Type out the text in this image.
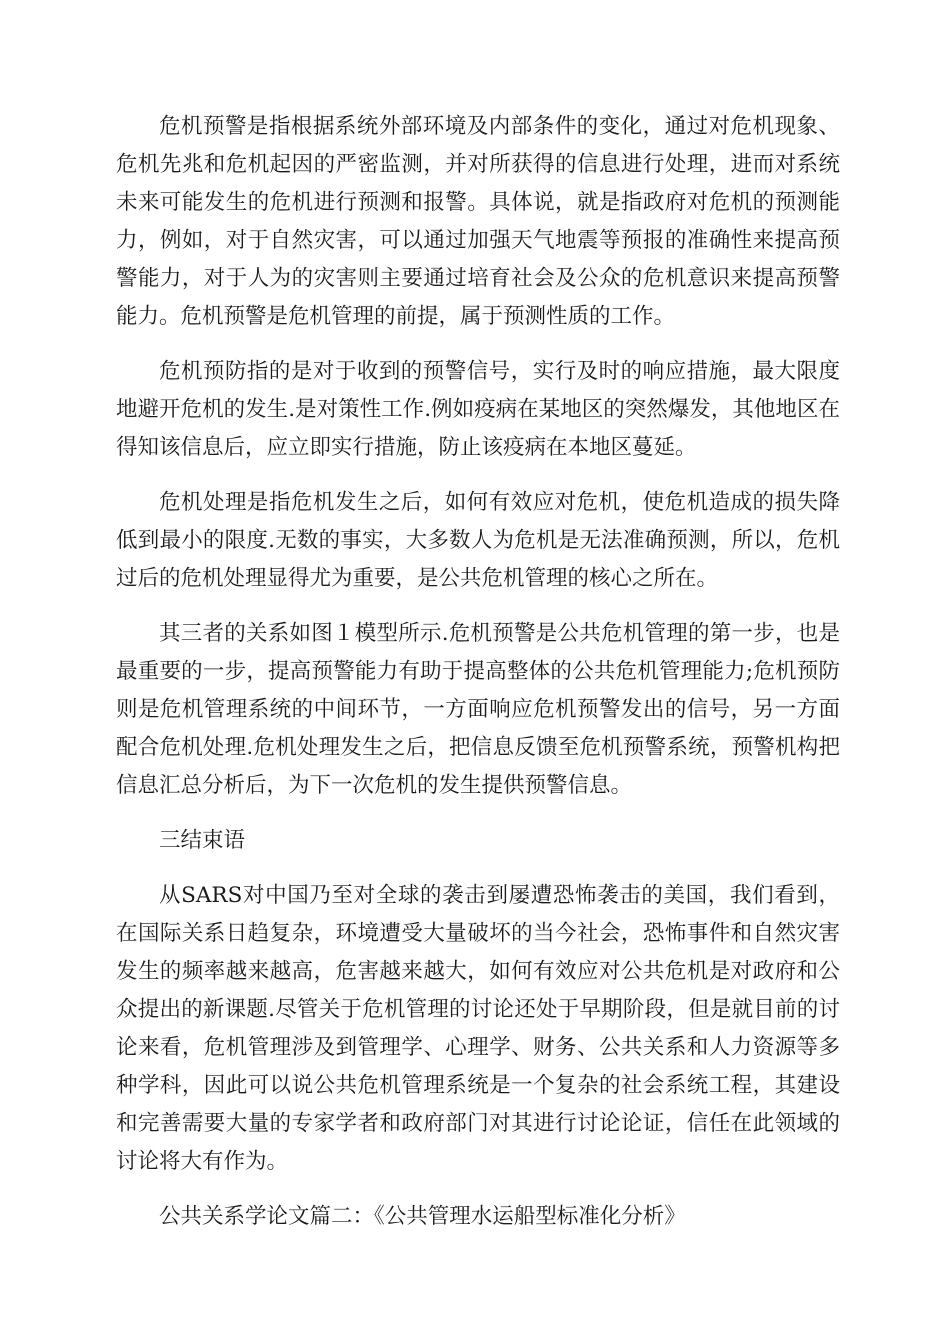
危机预警是指根据系统外部环境及内部条件的变化，通过对危机现象、危机先兆和危机起因的严密监测，并对所获得的信息进行处理，进而对系统未来可能发生的危机进行预测和报警。具体说，就是指政府对危机的预测能力，例如，对于自然灾害，可以通过加强天气地震等预报的准确性来提高预警能力，对于人为的灾害则主要通过培育社会及公众的危机意识来提高预警能力。危机预警是危机管理的前提，属于预测性质的工作。

危机预防指的是对于收到的预警信号，实行及时的响应措施，最大限度地避开危机的发生.是对策性工作.例如疫病在某地区的突然爆发，其他地区在得知该信息后，应立即实行措施，防止该疫病在本地区蔓延。

危机处理是指危机发生之后，如何有效应对危机，使危机造成的损失降低到最小的限度.无数的事实，大多数人为危机是无法准确预测，所以，危机过后的危机处理显得尤为重要，是公共危机管理的核心之所在。

其三者的关系如图１模型所示.危机预警是公共危机管理的第一步，也是最重要的一步，提高预警能力有助于提高整体的公共危机管理能力;危机预防则是危机管理系统的中间环节，一方面响应危机预警发出的信号，另一方面配合危机处理.危机处理发生之后，把信息反馈至危机预警系统，预警机构把信息汇总分析后，为下一次危机的发生提供预警信息。

三结束语

从SARS对中国乃至对全球的袭击到屡遭恐怖袭击的美国，我们看到，在国际关系日趋复杂，环境遭受大量破坏的当今社会，恐怖事件和自然灾害发生的频率越来越高，危害越来越大，如何有效应对公共危机是对政府和公众提出的新课题.尽管关于危机管理的讨论还处于早期阶段，但是就目前的讨论来看，危机管理涉及到管理学、心理学、财务、公共关系和人力资源等多种学科，因此可以说公共危机管理系统是一个复杂的社会系统工程，其建设和完善需要大量的专家学者和政府部门对其进行讨论论证，信任在此领域的讨论将大有作为。

公共关系学论文篇二：《公共管理水运船型标准化分析》
